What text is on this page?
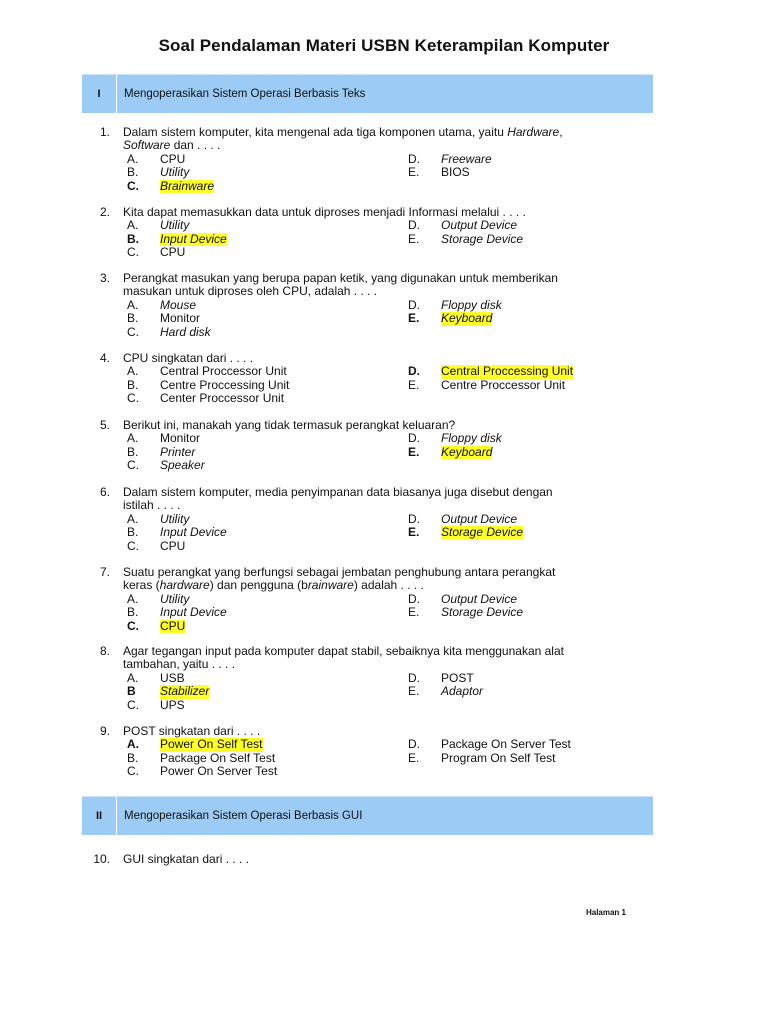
Soal Pendalaman Materi USBN Keterampilan Komputer
I	Mengoperasikan Sistem Operasi Berbasis Teks
II	Mengoperasikan Sistem Operasi Berbasis GUI
1. Dalam sistem komputer, kita mengenal ada tiga komponen utama, yaitu Hardware,
Software dan . . . .
A.	CPU	D.	Freeware
B.	Utility	E.	BIOS
C.	Brainware
2. Kita dapat memasukkan data untuk diproses menjadi Informasi melalui . . . .
A.	Utility	D.	Output Device
B.	Input Device	E.	Storage Device
C.	CPU
3. Perangkat masukan yang berupa papan ketik, yang digunakan untuk memberikan
masukan untuk diproses oleh CPU, adalah . . . .
A.	Mouse	D.	Floppy disk
B.	Monitor	E.	Keyboard
C.	Hard disk
4. CPU singkatan dari . . . .
A.	Central Proccessor Unit	D.	Central Proccessing Unit
B.	Centre Proccessing Unit	E.	Centre Proccessor Unit
C.	Center Proccessor Unit
5. Berikut ini, manakah yang tidak termasuk perangkat keluaran?
A.	Monitor	D.	Floppy disk
B.	Printer	E.	Keyboard
C.	Speaker
6. Dalam sistem komputer, media penyimpanan data biasanya juga disebut dengan
istilah . . . .
A.	Utility	D.	Output Device
B.	Input Device	E.	Storage Device
C.	CPU
7. Suatu perangkat yang berfungsi sebagai jembatan penghubung antara perangkat
keras (hardware) dan pengguna (brainware) adalah . . . .
A.	Utility	D.	Output Device
B.	Input Device	E.	Storage Device
C.	CPU
8. Agar tegangan input pada komputer dapat stabil, sebaiknya kita menggunakan alat
tambahan, yaitu . . . .
A.	USB	D.	POST
B	Stabilizer	E.	Adaptor
C.	UPS
9. POST singkatan dari . . . .
A.	Power On Self Test	D.	Package On Server Test
B.	Package On Self Test	E.	Program On Self Test
C.	Power On Server Test
10. GUI singkatan dari . . . .
Halaman 1
